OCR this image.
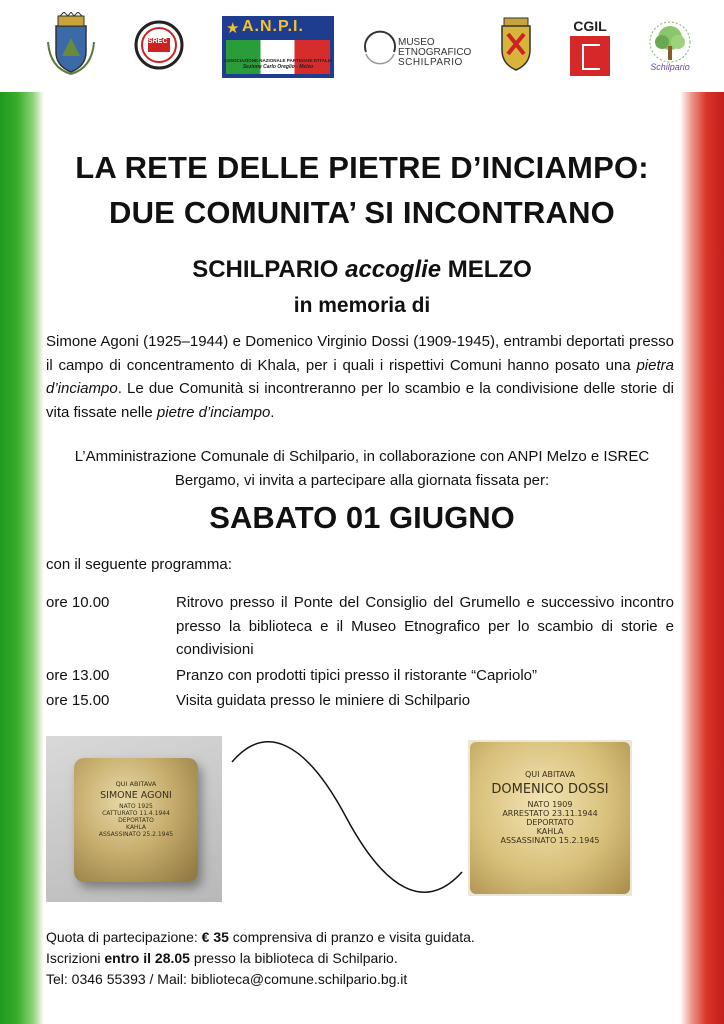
ISREC
★ A.N.P.I.
ASSOCIAZIONE NAZIONALE PARTIGIANI D'ITALIA
Sezione Carlo Oreglio - Melzo
MUSEO
ETNOGRAFICO
SCHILPARIO
CGIL
Schilpario
LA RETE DELLE PIETRE D’INCIAMPO:
DUE COMUNITA’ SI INCONTRANO
SCHILPARIO accoglie MELZO
in memoria di
Simone Agoni (1925–1944) e Domenico Virginio Dossi (1909-1945), entrambi deportati presso il campo di concentramento di Khala, per i quali i rispettivi Comuni hanno posato una pietra d’inciampo. Le due Comunità si incontreranno per lo scambio e la condivisione delle storie di vita fissate nelle pietre d’inciampo.
L’Amministrazione Comunale di Schilpario, in collaborazione con ANPI Melzo e ISREC Bergamo, vi invita a partecipare alla giornata fissata per:
SABATO 01 GIUGNO
con il seguente programma:
ore 10.00	Ritrovo presso il Ponte del Consiglio del Grumello e successivo incontro presso la biblioteca e il Museo Etnografico per lo scambio di storie e condivisioni
ore 13.00	Pranzo con prodotti tipici presso il ristorante “Capriolo”
ore 15.00	Visita guidata presso le miniere di Schilpario
QUI ABITAVA
SIMONE AGONI
NATO 1925
CATTURATO 11.4.1944
DEPORTATO
KAHLA
ASSASSINATO 25.2.1945
QUI ABITAVA
DOMENICO DOSSI
NATO 1909
ARRESTATO 23.11.1944
DEPORTATO
KAHLA
ASSASSINATO 15.2.1945
Quota di partecipazione: € 35 comprensiva di pranzo e visita guidata.
Iscrizioni entro il 28.05 presso la biblioteca di Schilpario.
Tel: 0346 55393 / Mail: biblioteca@comune.schilpario.bg.it
